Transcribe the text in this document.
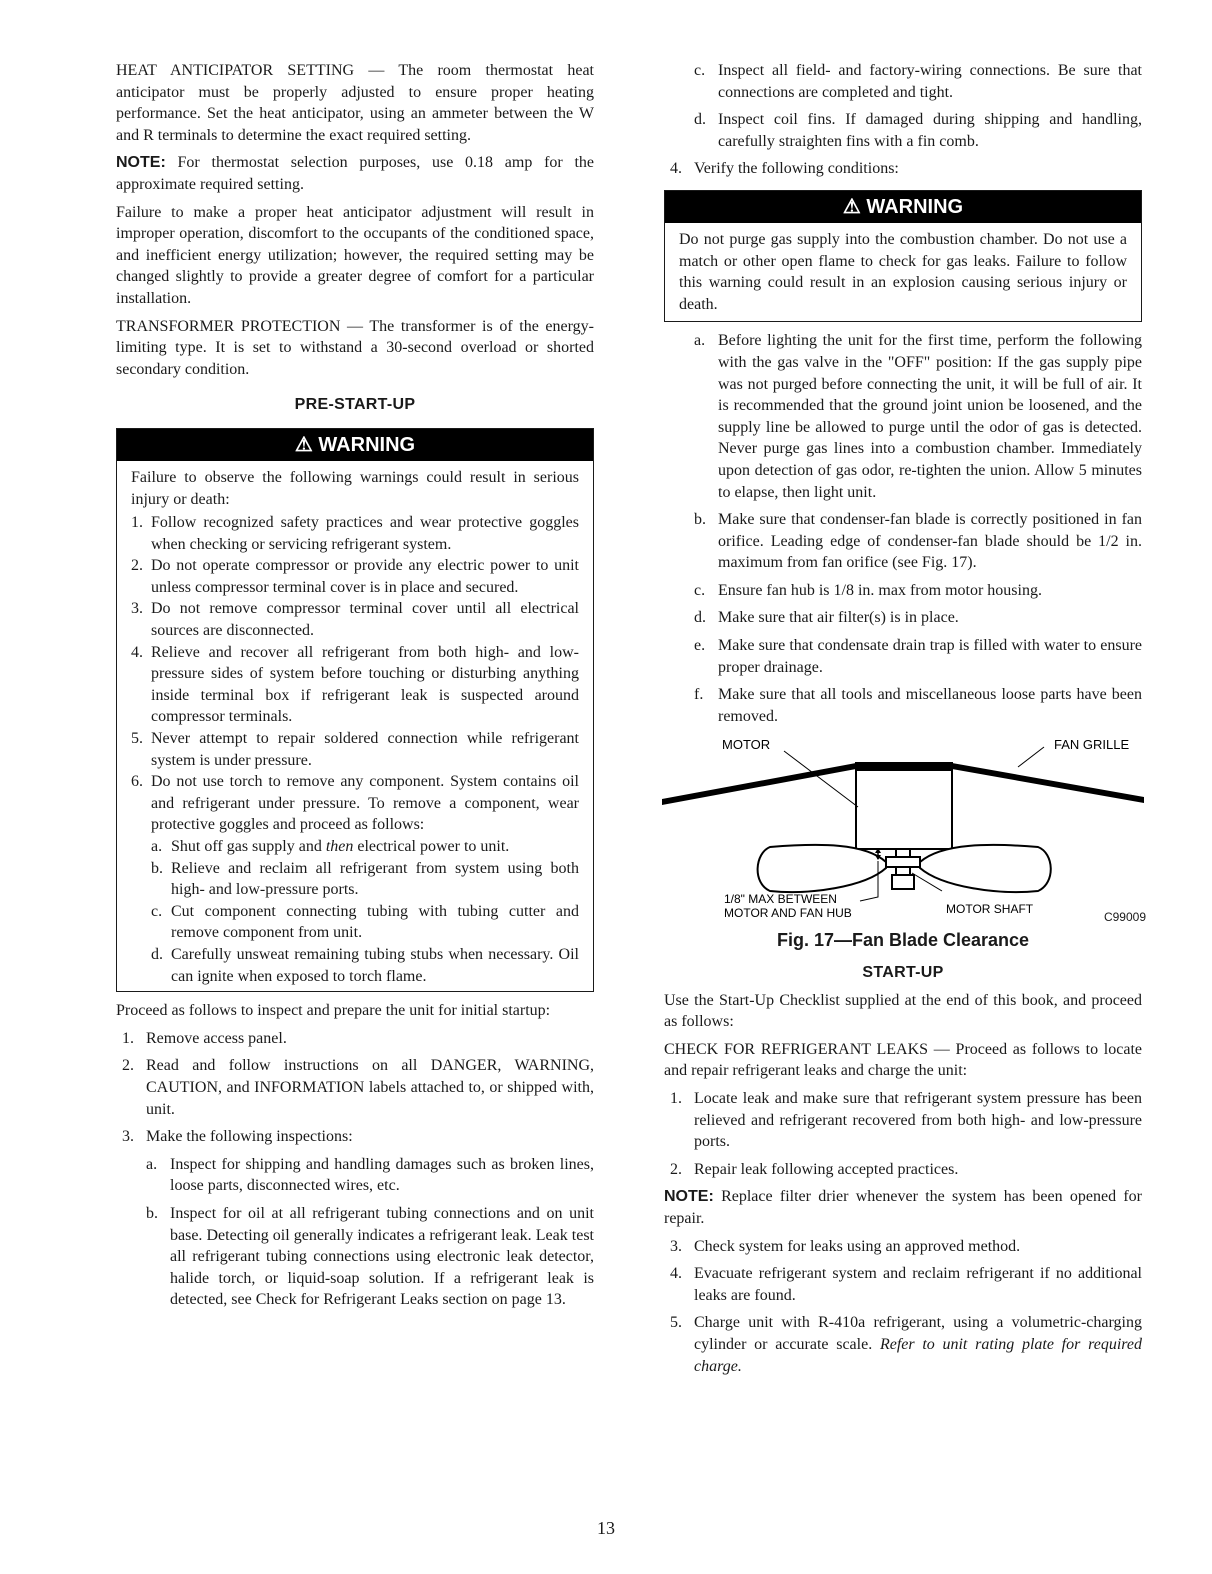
HEAT ANTICIPATOR SETTING — The room thermostat heat anticipator must be properly adjusted to ensure proper heating performance. Set the heat anticipator, using an ammeter between the W and R terminals to determine the exact required setting.

NOTE: For thermostat selection purposes, use 0.18 amp for the approximate required setting.

Failure to make a proper heat anticipator adjustment will result in improper operation, discomfort to the occupants of the conditioned space, and inefficient energy utilization; however, the required setting may be changed slightly to provide a greater degree of comfort for a particular installation.

TRANSFORMER PROTECTION — The transformer is of the energy-limiting type. It is set to withstand a 30-second overload or shorted secondary condition.

PRE-START-UP
⚠ WARNING

Failure to observe the following warnings could result in serious injury or death:

1. Follow recognized safety practices and wear protective goggles when checking or servicing refrigerant system.
2. Do not operate compressor or provide any electric power to unit unless compressor terminal cover is in place and secured.
3. Do not remove compressor terminal cover until all electrical sources are disconnected.
4. Relieve and recover all refrigerant from both high- and low-pressure sides of system before touching or disturbing anything inside terminal box if refrigerant leak is suspected around compressor terminals.
5. Never attempt to repair soldered connection while refrigerant system is under pressure.
6. Do not use torch to remove any component. System contains oil and refrigerant under pressure. To remove a component, wear protective goggles and proceed as follows:
a. Shut off gas supply and then electrical power to unit.
b. Relieve and reclaim all refrigerant from system using both high- and low-pressure ports.
c. Cut component connecting tubing with tubing cutter and remove component from unit.
d. Carefully unsweat remaining tubing stubs when necessary. Oil can ignite when exposed to torch flame.

Proceed as follows to inspect and prepare the unit for initial startup:

1. Remove access panel.
2. Read and follow instructions on all DANGER, WARNING, CAUTION, and INFORMATION labels attached to, or shipped with, unit.
3. Make the following inspections:
a. Inspect for shipping and handling damages such as broken lines, loose parts, disconnected wires, etc.
b. Inspect for oil at all refrigerant tubing connections and on unit base. Detecting oil generally indicates a refrigerant leak. Leak test all refrigerant tubing connections using electronic leak detector, halide torch, or liquid-soap solution. If a refrigerant leak is detected, see Check for Refrigerant Leaks section on page 13.
c. Inspect all field- and factory-wiring connections. Be sure that connections are completed and tight.
d. Inspect coil fins. If damaged during shipping and handling, carefully straighten fins with a fin comb.
4. Verify the following conditions:
⚠ WARNING

Do not purge gas supply into the combustion chamber. Do not use a match or other open flame to check for gas leaks. Failure to follow this warning could result in an explosion causing serious injury or death.

a. Before lighting the unit for the first time, perform the following with the gas valve in the "OFF" position: If the gas supply pipe was not purged before connecting the unit, it will be full of air. It is recommended that the ground joint union be loosened, and the supply line be allowed to purge until the odor of gas is detected. Never purge gas lines into a combustion chamber. Immediately upon detection of gas odor, re-tighten the union. Allow 5 minutes to elapse, then light unit.
b. Make sure that condenser-fan blade is correctly positioned in fan orifice. Leading edge of condenser-fan blade should be 1/2 in. maximum from fan orifice (see Fig. 17).
c. Ensure fan hub is 1/8 in. max from motor housing.
d. Make sure that air filter(s) is in place.
e. Make sure that condensate drain trap is filled with water to ensure proper drainage.
f. Make sure that all tools and miscellaneous loose parts have been removed.
MOTOR	FAN GRILLE
1/8" MAX BETWEEN
MOTOR AND FAN HUB	MOTOR SHAFT
C99009
Fig. 17—Fan Blade Clearance
START-UP

Use the Start-Up Checklist supplied at the end of this book, and proceed as follows:

CHECK FOR REFRIGERANT LEAKS — Proceed as follows to locate and repair refrigerant leaks and charge the unit:

1. Locate leak and make sure that refrigerant system pressure has been relieved and refrigerant recovered from both high- and low-pressure ports.
2. Repair leak following accepted practices.

NOTE: Replace filter drier whenever the system has been opened for repair.

3. Check system for leaks using an approved method.
4. Evacuate refrigerant system and reclaim refrigerant if no additional leaks are found.
5. Charge unit with R-410a refrigerant, using a volumetric-charging cylinder or accurate scale. Refer to unit rating plate for required charge.
13
